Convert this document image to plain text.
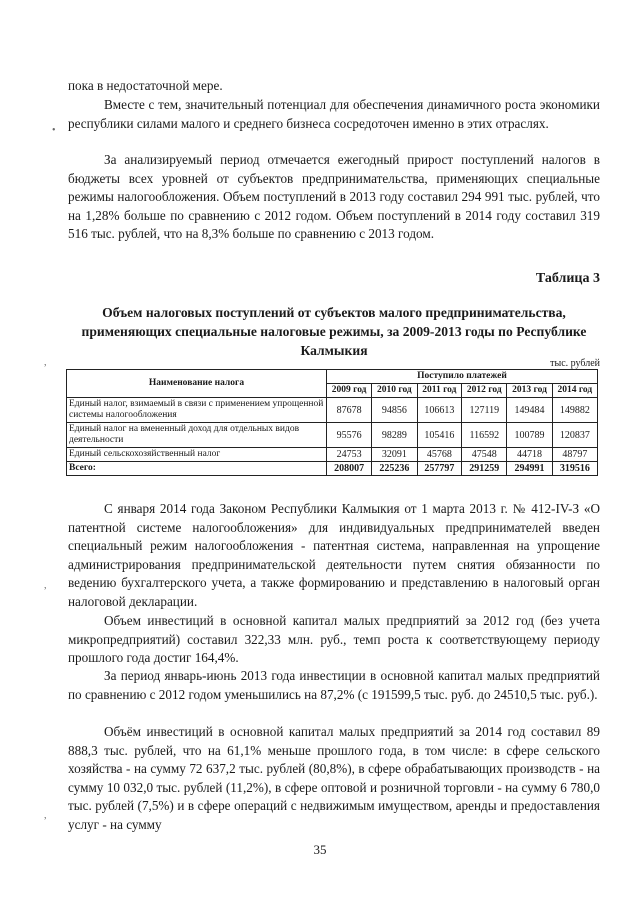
пока в недостаточной мере.

Вместе с тем, значительный потенциал для обеспечения динамичного роста экономики республики силами малого и среднего бизнеса сосредоточен именно в этих отраслях.

За анализируемый период отмечается ежегодный прирост поступлений налогов в бюджеты всех уровней от субъектов предпринимательства, применяющих специальные режимы налогообложения. Объем поступлений в 2013 году составил 294 991 тыс. рублей, что на 1,28% больше по сравнению с 2012 годом. Объем поступлений в 2014 году составил 319 516 тыс. рублей, что на 8,3% больше по сравнению с 2013 годом.

Таблица 3

Объем налоговых поступлений от субъектов малого предпринимательства, применяющих специальные налоговые режимы, за 2009-2013 годы по Республике Калмыкия

тыс. рублей

Наименование налога	Поступило платежей					
	2009 год	2010 год	2011 год	2012 год	2013 год	2014 год
Единый налог, взимаемый в связи с применением упрощенной системы налогообложения	87678	94856	106613	127119	149484	149882
Единый налог на вмененный доход для отдельных видов деятельности	95576	98289	105416	116592	100789	120837
Единый сельскохозяйственный налог	24753	32091	45768	47548	44718	48797
Всего:	208007	225236	257797	291259	294991	319516

С января 2014 года Законом Республики Калмыкия от 1 марта 2013 г. № 412-IV-З «О патентной системе налогообложения» для индивидуальных предпринимателей введен специальный режим налогообложения - патентная система, направленная на упрощение администрирования предпринимательской деятельности путем снятия обязанности по ведению бухгалтерского учета, а также формированию и представлению в налоговый орган налоговой декларации.

Объем инвестиций в основной капитал малых предприятий за 2012 год (без учета микропредприятий) составил 322,33 млн. руб., темп роста к соответствующему периоду прошлого года достиг 164,4%.

За период январь-июнь 2013 года инвестиции в основной капитал малых предприятий по сравнению с 2012 годом уменьшились на 87,2% (с 191599,5 тыс. руб. до 24510,5 тыс. руб.).

Объём инвестиций в основной капитал малых предприятий за 2014 год составил 89 888,3 тыс. рублей, что на 61,1% меньше прошлого года, в том числе: в сфере сельского хозяйства - на сумму 72 637,2 тыс. рублей (80,8%), в сфере обрабатывающих производств - на сумму 10 032,0 тыс. рублей (11,2%), в сфере оптовой и розничной торговли - на сумму 6 780,0 тыс. рублей (7,5%) и в сфере операций с недвижимым имуществом, аренды и предоставления услуг - на сумму

•
,
,
,

35
